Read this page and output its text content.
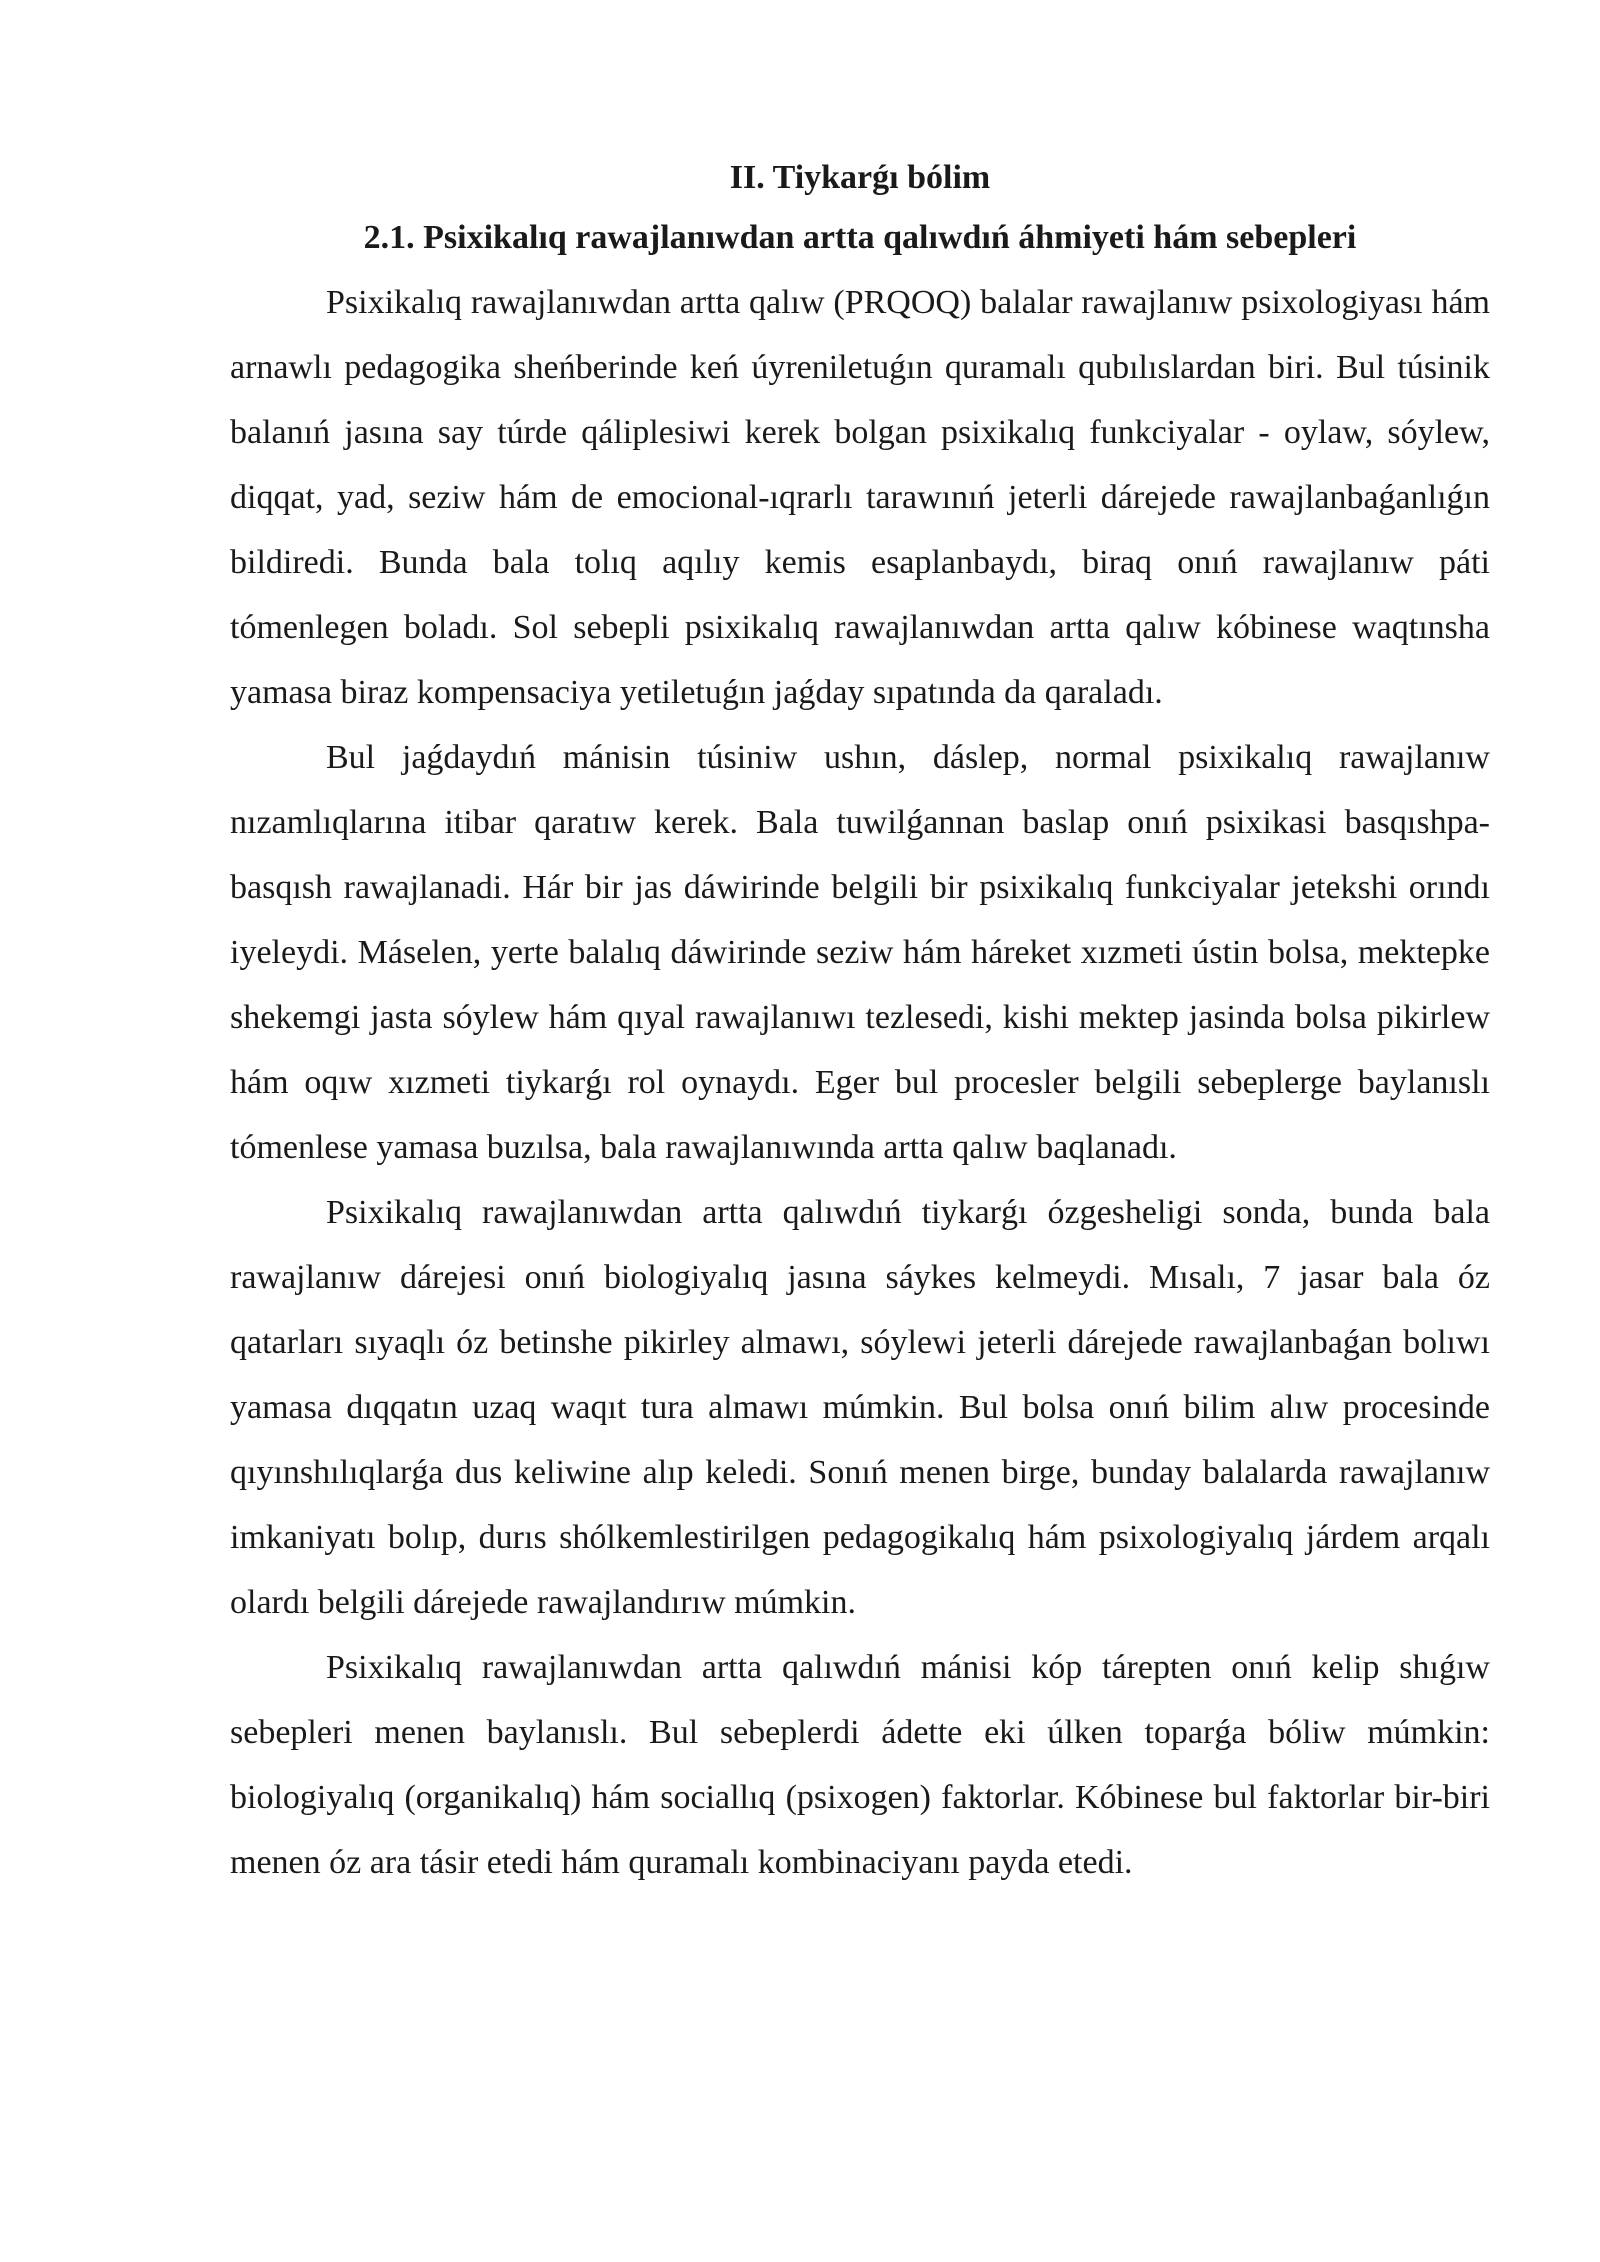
II. Tiykarǵı bólim
2.1. Psixikalıq rawajlanıwdan artta qalıwdıń áhmiyeti hám sebepleri

Psixikalıq rawajlanıwdan artta qalıw (PRQOQ) balalar rawajlanıw psixologiyası hám arnawlı pedagogika sheńberinde keń úyreniletuǵın quramalı qubılıslardan biri. Bul túsinik balanıń jasına say túrde qáliplesiwi kerek bolgan psixikalıq funkciyalar - oylaw, sóylew, diqqat, yad, seziw hám de emocional-ıqrarlı tarawınıń jeterli dárejede rawajlanbaǵanlıǵın bildiredi. Bunda bala tolıq aqılıy kemis esaplanbaydı, biraq onıń rawajlanıw páti tómenlegen boladı. Sol sebepli psixikalıq rawajlanıwdan artta qalıw kóbinese waqtınsha yamasa biraz kompensaciya yetiletuǵın jaǵday sıpatında da qaraladı.

Bul jaǵdaydıń mánisin túsiniw ushın, dáslep, normal psixikalıq rawajlanıw nızamlıqlarına itibar qaratıw kerek. Bala tuwilǵannan baslap onıń psixikasi basqıshpa-basqısh rawajlanadi. Hár bir jas dáwirinde belgili bir psixikalıq funkciyalar jetekshi orındı iyeleydi. Máselen, yerte balalıq dáwirinde seziw hám háreket xızmeti ústin bolsa, mektepke shekemgi jasta sóylew hám qıyal rawajlanıwı tezlesedi, kishi mektep jasinda bolsa pikirlew hám oqıw xızmeti tiykarǵı rol oynaydı. Eger bul procesler belgili sebeplerge baylanıslı tómenlese yamasa buzılsa, bala rawajlanıwında artta qalıw baqlanadı.

Psixikalıq rawajlanıwdan artta qalıwdıń tiykarǵı ózgesheligi sonda, bunda bala rawajlanıw dárejesi onıń biologiyalıq jasına sáykes kelmeydi. Mısalı, 7 jasar bala óz qatarları sıyaqlı óz betinshe pikirley almawı, sóylewi jeterli dárejede rawajlanbaǵan bolıwı yamasa dıqqatın uzaq waqıt tura almawı múmkin. Bul bolsa onıń bilim alıw procesinde qıyınshılıqlarǵa dus keliwine alıp keledi. Sonıń menen birge, bunday balalarda rawajlanıw imkaniyatı bolıp, durıs shólkemlestirilgen pedagogikalıq hám psixologiyalıq járdem arqalı olardı belgili dárejede rawajlandırıw múmkin.

Psixikalıq rawajlanıwdan artta qalıwdıń mánisi kóp tárepten onıń kelip shıǵıw sebepleri menen baylanıslı. Bul sebeplerdi ádette eki úlken toparǵa bóliw múmkin: biologiyalıq (organikalıq) hám sociallıq (psixogen) faktorlar. Kóbinese bul faktorlar bir-biri menen óz ara tásir etedi hám quramalı kombinaciyanı payda etedi.
